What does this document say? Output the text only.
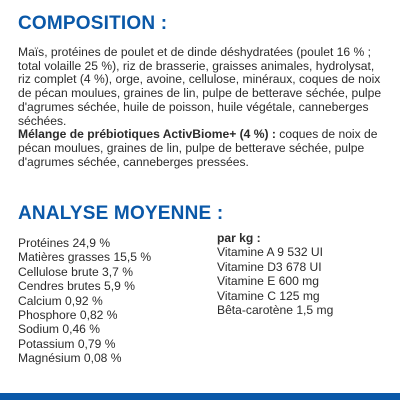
COMPOSITION :

Maïs, protéines de poulet et de dinde déshydratées (poulet 16 % ; total volaille 25 %), riz de brasserie, graisses animales, hydrolysat, riz complet (4 %), orge, avoine, cellulose, minéraux, coques de noix de pécan moulues, graines de lin, pulpe de betterave séchée, pulpe d'agrumes séchée, huile de poisson, huile végétale, canneberges séchées.
Mélange de prébiotiques ActivBiome+ (4 %) : coques de noix de pécan moulues, graines de lin, pulpe de betterave séchée, pulpe d'agrumes séchée, canneberges pressées.

ANALYSE MOYENNE :
Protéines 24,9 %
Matières grasses 15,5 %
Cellulose brute 3,7 %
Cendres brutes 5,9 %
Calcium 0,92 %
Phosphore 0,82 %
Sodium 0,46 %
Potassium 0,79 %
Magnésium 0,08 %
par kg :
Vitamine A 9 532 UI
Vitamine D3 678 UI
Vitamine E 600 mg
Vitamine C 125 mg
Bêta-carotène 1,5 mg
